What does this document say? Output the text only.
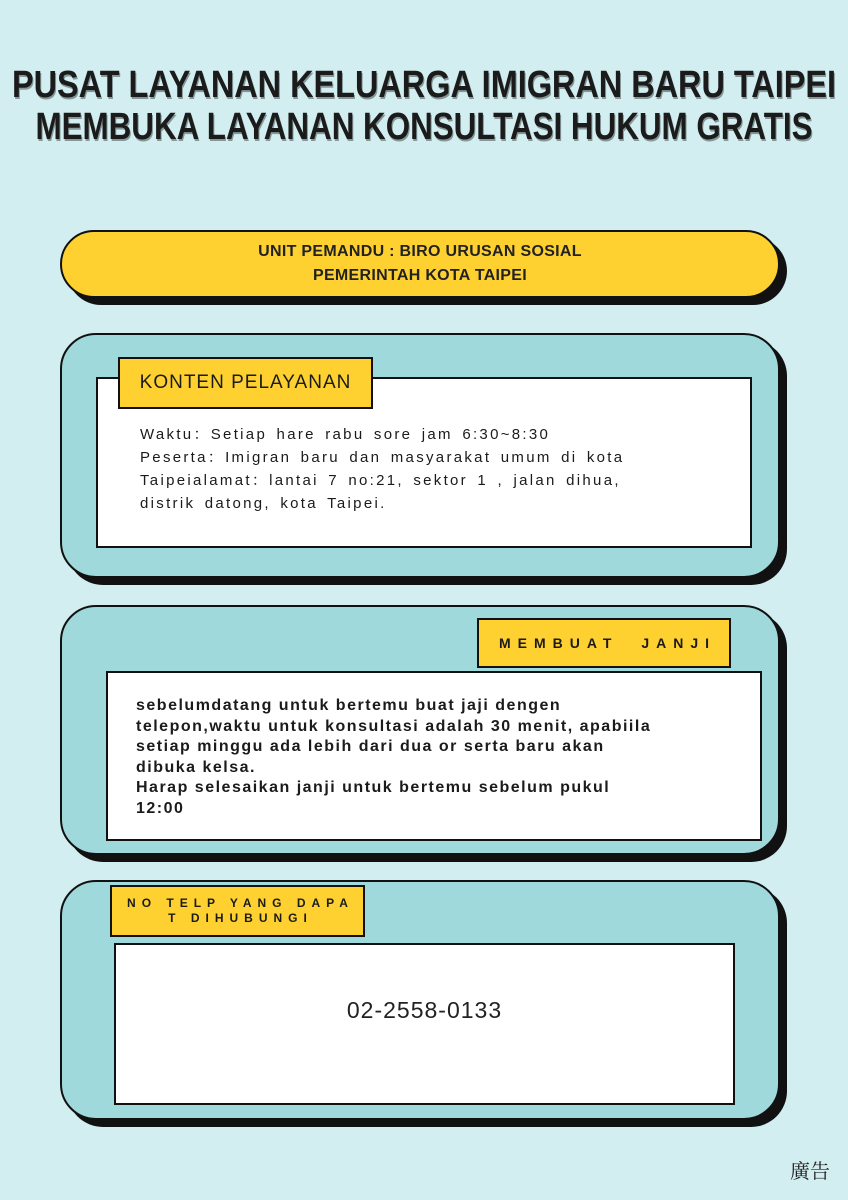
PUSAT LAYANAN KELUARGA IMIGRAN BARU TAIPEI
MEMBUKA LAYANAN KONSULTASI HUKUM GRATIS
UNIT PEMANDU : BIRO URUSAN SOSIAL
PEMERINTAH KOTA TAIPEI
Waktu：Setiap hare rabu sore jam 6:30~8:30
Peserta：Imigran baru dan masyarakat umum di kota
Taipeialamat：lantai 7 no:21, sektor 1 , jalan dihua,
distrik datong, kota Taipei.
KONTEN PELAYANAN
sebelumdatang untuk bertemu buat jaji dengen
telepon,waktu untuk konsultasi adalah 30 menit, apabiila
setiap minggu ada lebih dari dua or serta baru akan
dibuka kelsa.
Harap selesaikan janji untuk bertemu sebelum pukul
12:00
MEMBUAT JANJI
02-2558-0133
NO TELP YANG DAPA
T DIHUBUNGI
廣告
